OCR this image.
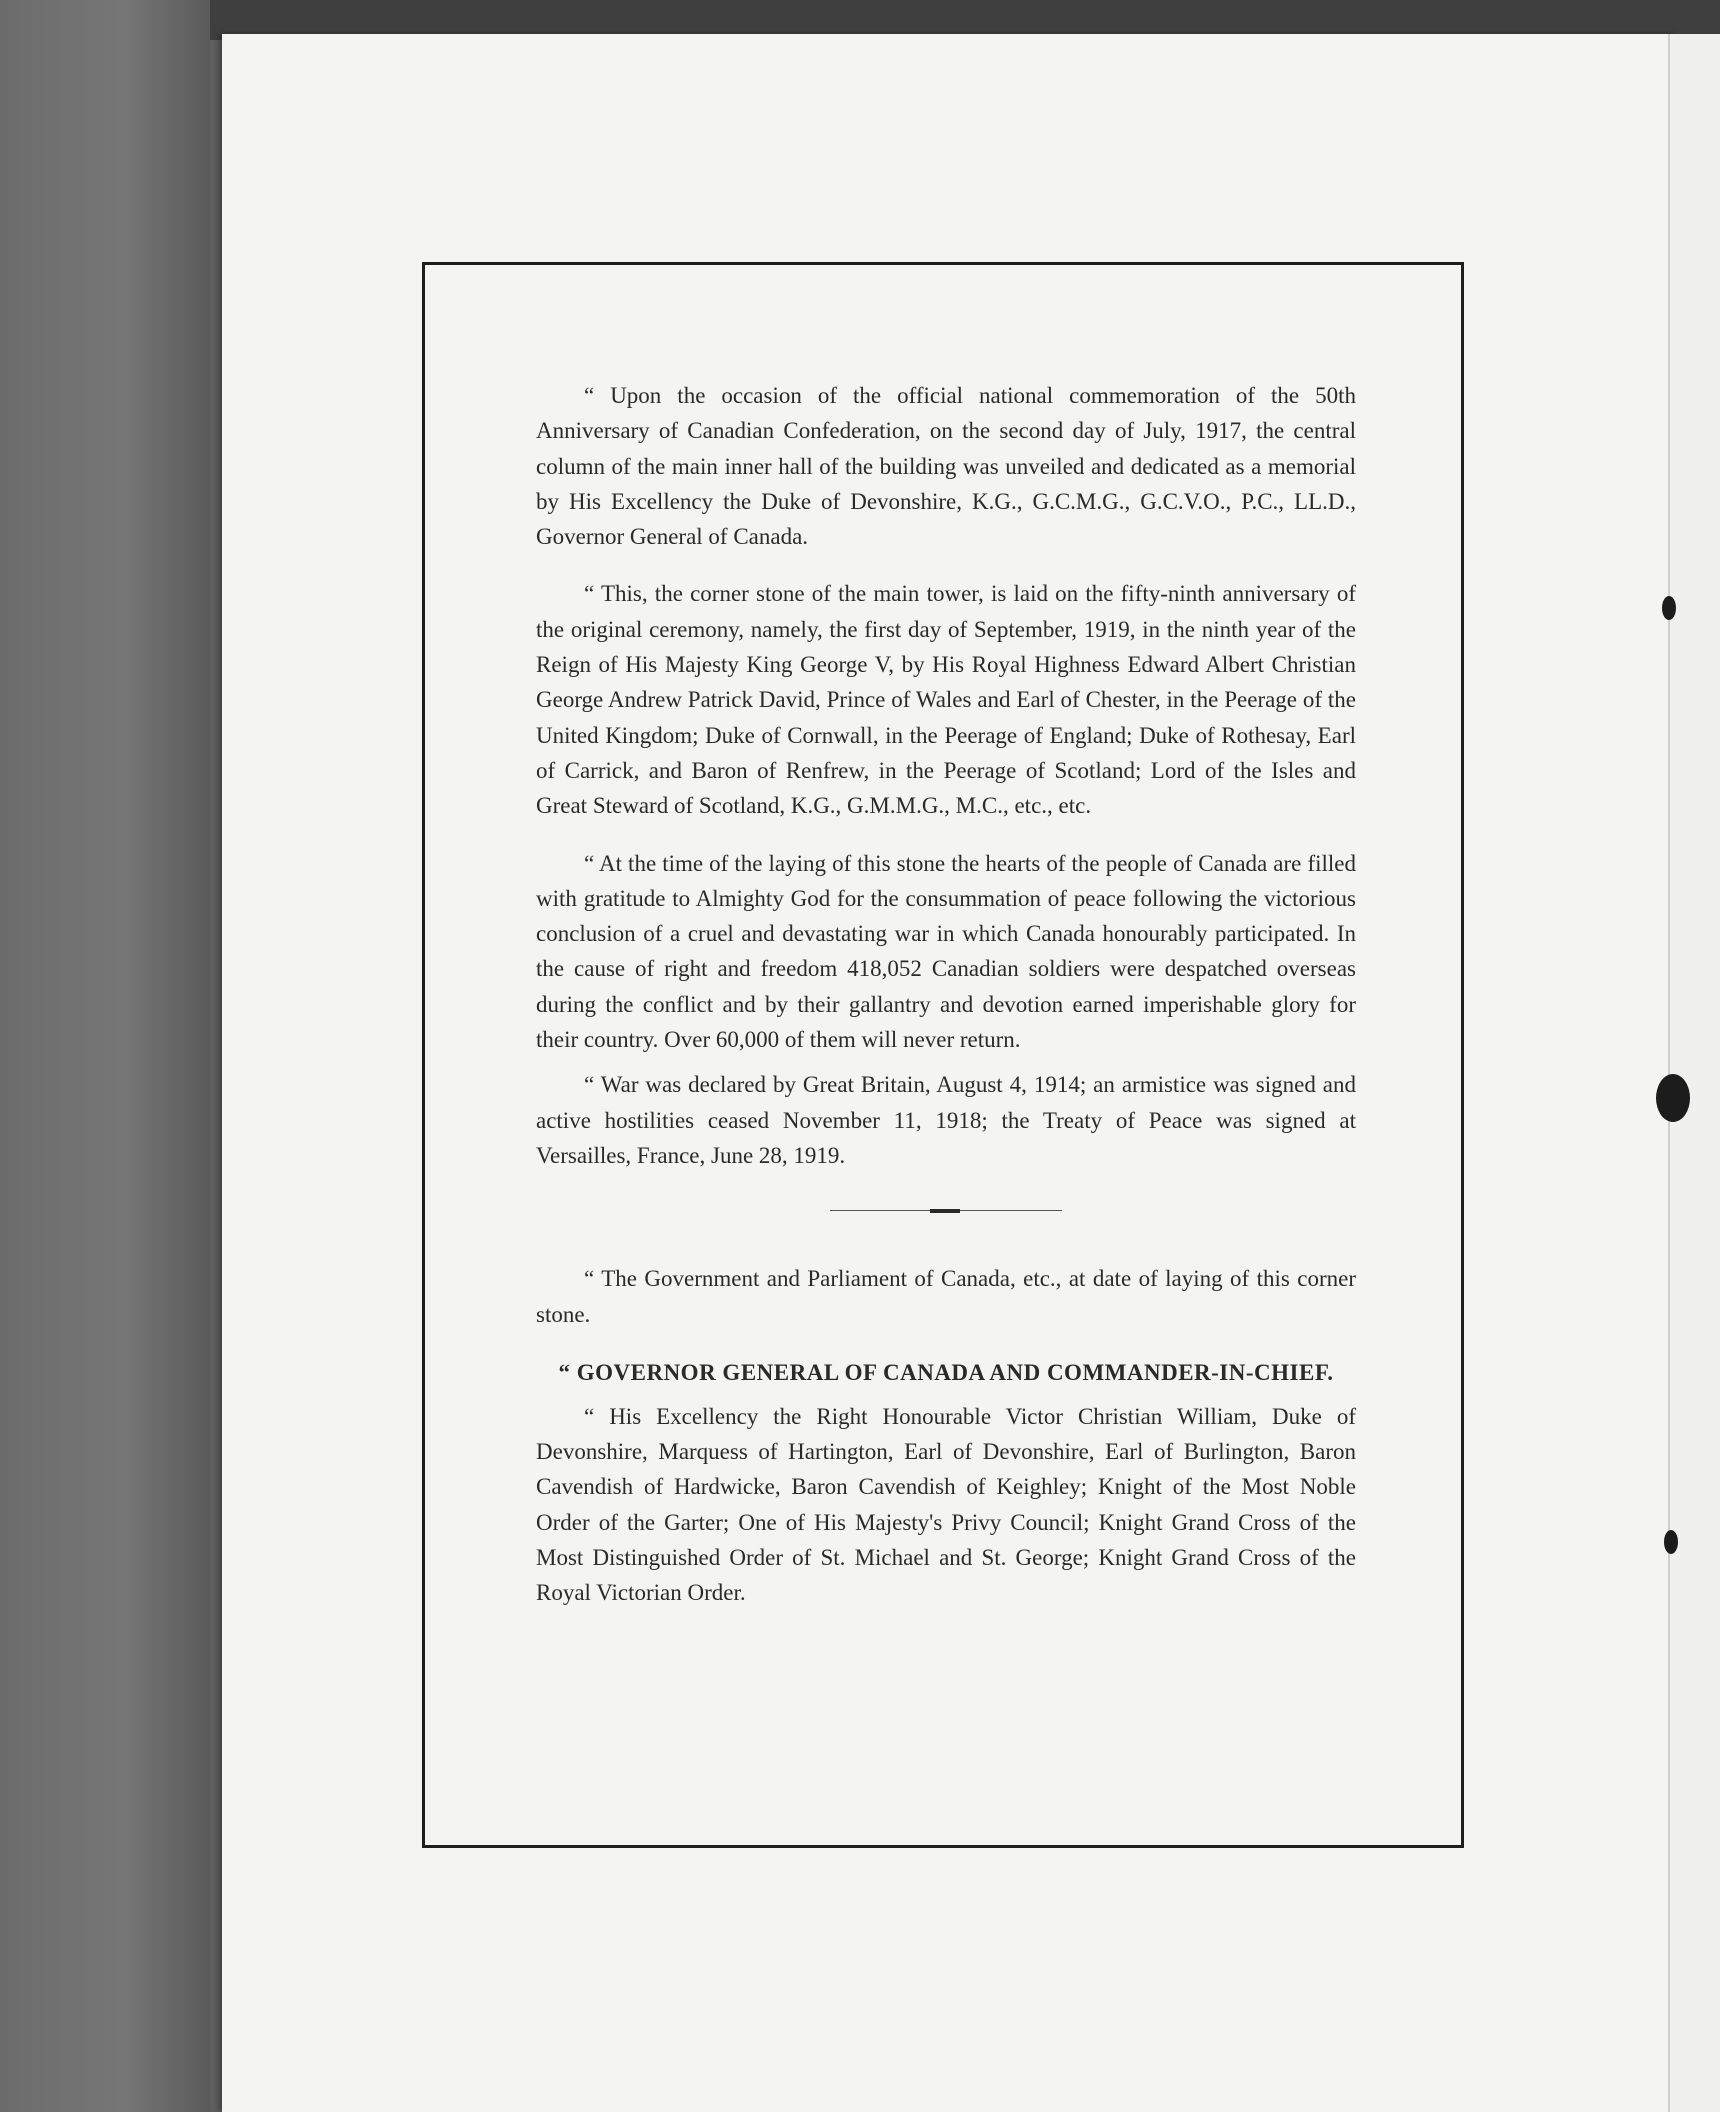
“ Upon the occasion of the official national commemoration of the 50th Anniversary of Canadian Confederation, on the second day of July, 1917, the central column of the main inner hall of the building was unveiled and dedicated as a memorial by His Excellency the Duke of Devonshire, K.G., G.C.M.G., G.C.V.O., P.C., LL.D., Governor General of Canada.

“ This, the corner stone of the main tower, is laid on the fifty-ninth anniversary of the original ceremony, namely, the first day of September, 1919, in the ninth year of the Reign of His Majesty King George V, by His Royal Highness Edward Albert Christian George Andrew Patrick David, Prince of Wales and Earl of Chester, in the Peerage of the United Kingdom; Duke of Cornwall, in the Peerage of England; Duke of Rothesay, Earl of Carrick, and Baron of Renfrew, in the Peerage of Scotland; Lord of the Isles and Great Steward of Scotland, K.G., G.M.M.G., M.C., etc., etc.

“ At the time of the laying of this stone the hearts of the people of Canada are filled with gratitude to Almighty God for the consummation of peace following the victorious conclusion of a cruel and devastating war in which Canada honourably participated. In the cause of right and freedom 418,052 Canadian soldiers were despatched overseas during the conflict and by their gallantry and devotion earned imperishable glory for their country. Over 60,000 of them will never return.

“ War was declared by Great Britain, August 4, 1914; an armistice was signed and active hostilities ceased November 11, 1918; the Treaty of Peace was signed at Versailles, France, June 28, 1919.

“ The Government and Parliament of Canada, etc., at date of laying of this corner stone.

“ GOVERNOR GENERAL OF CANADA AND COMMANDER-IN-CHIEF.

“ His Excellency the Right Honourable Victor Christian William, Duke of Devonshire, Marquess of Hartington, Earl of Devonshire, Earl of Burlington, Baron Cavendish of Hardwicke, Baron Cavendish of Keighley; Knight of the Most Noble Order of the Garter; One of His Majesty's Privy Council; Knight Grand Cross of the Most Distinguished Order of St. Michael and St. George; Knight Grand Cross of the Royal Victorian Order.
